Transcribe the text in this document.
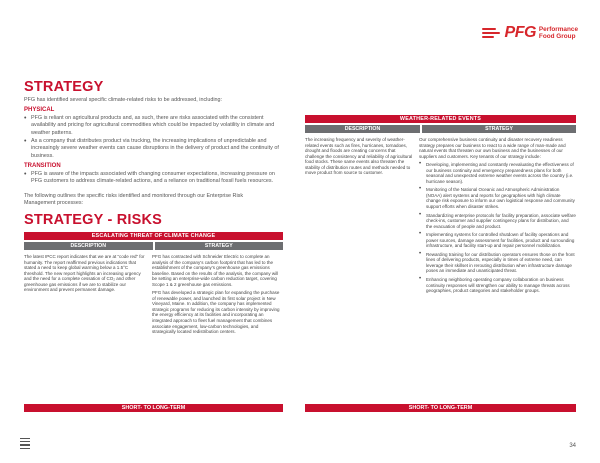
PFG Performance
Food Group
STRATEGY
PFG has identified several specific climate-related risks to be addressed, including:
PHYSICAL
• PFG is reliant on agricultural products and, as such, there are risks associated with the consistent availability and pricing for agricultural commodities which could be impacted by volatility in climate and weather patterns.
• As a company that distributes product via trucking, the increasing implications of unpredictable and increasingly severe weather events can cause disruptions in the delivery of product and the continuity of business.
TRANSITION
• PFG is aware of the impacts associated with changing consumer expectations, increasing pressure on PFG customers to address climate-related actions, and a reliance on traditional fossil fuels resources.
The following outlines the specific risks identified and monitored through our Enterprise Risk Management processes:
STRATEGY - RISKS
ESCALATING THREAT OF CLIMATE CHANGE
DESCRIPTION	STRATEGY
The latest IPCC report indicates that we are at “code red” for humanity. The report reaffirmed previous indications that stated a need to keep global warming below a 1.5°C threshold. The new report highlights an increasing urgency and the need for a complete cessation of CO₂ and other greenhouse gas emissions if we are to stabilize our environment and prevent permanent damage.
PFG has contracted with Schneider Electric to complete an analysis of the company’s carbon footprint that has led to the establishment of the company’s greenhouse gas emissions baseline. Based on the results of the analysis, the company will be setting an enterprise-wide carbon reduction target, covering Scope 1 & 2 greenhouse gas emissions.
PFG has developed a strategic plan for expanding the purchase of renewable power, and launched its first solar project in New Vineyard, Maine. In addition, the company has implemented strategic programs for reducing its carbon intensity by improving the energy efficiency at its facilities and incorporating an integrated approach to fleet fuel management that combines associate engagement, low-carbon technologies, and strategically located redistribution centers.
SHORT- TO LONG-TERM
WEATHER-RELATED EVENTS
DESCRIPTION	STRATEGY
The increasing frequency and severity of weather-related events such as fires, hurricanes, tornadoes, drought and floods are creating concerns that challenge the consistency and reliability of agricultural food stocks. These same events also threaten the stability of distribution routes and methods needed to move product from source to customer.
Our comprehensive business continuity and disaster recovery readiness strategy prepares our business to react to a wide range of man-made and natural events that threaten our own business and the businesses of our suppliers and customers. Key tenants of our strategy include:
• Developing, implementing and constantly reevaluating the effectiveness of our business continuity and emergency preparedness plans for both seasonal and unexpected extreme weather events across the country (i.e. hurricane season).
• Monitoring of the National Oceanic and Atmospheric Administration (NOAA) alert systems and reports for geographies with high climate change risk exposure to inform our own logistical response and community support efforts when disaster strikes.
• Standardizing enterprise protocols for facility preparation, associate welfare check-ins, customer and supplier contingency plans for distribution, and the evacuation of people and product.
• Implementing systems for controlled shutdown of facility operations and power sources, damage assessment for facilities, product and surrounding infrastructure, and facility start-up and repair personnel mobilization.
• Rewarding training for our distribution operators ensures those on the front lines of delivering products, especially in times of extreme need, can leverage their skillset in rerouting distribution when infrastructure damage poses an immediate and unanticipated threat.
• Enhancing neighboring operating company collaboration on business continuity responses will strengthen our ability to manage threats across geographies, product categories and stakeholder groups.
SHORT- TO LONG-TERM
34
